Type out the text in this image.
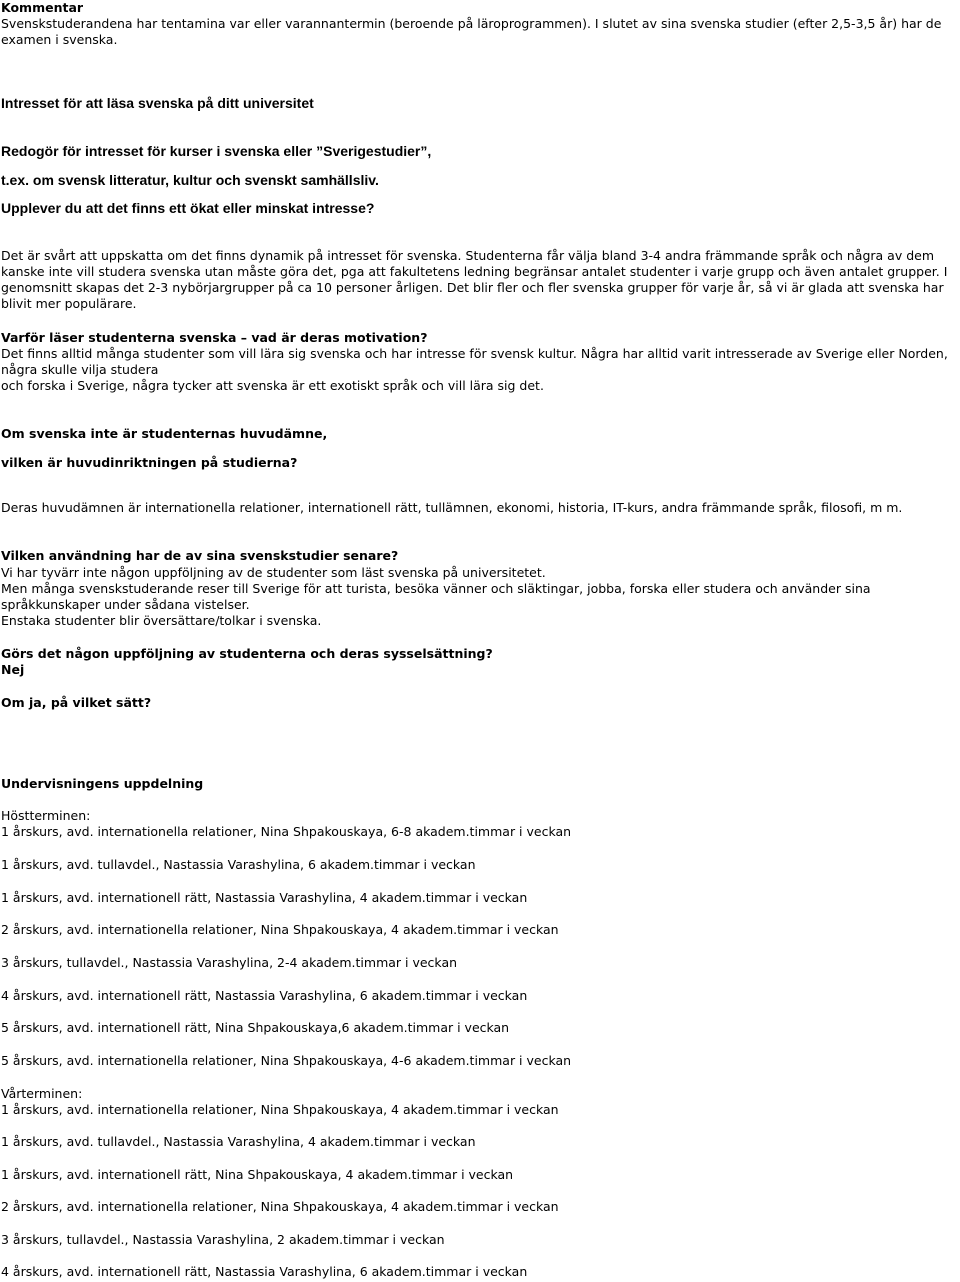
Kommentar
Svenskstuderandena har tentamina var eller varannantermin (beroende på läroprogrammen). I slutet av sina svenska studier (efter 2,5-3,5 år) har de examen i svenska.
Intresset för att läsa svenska på ditt universitet
Redogör för intresset för kurser i svenska eller ”Sverigestudier”,
t.ex. om svensk litteratur, kultur och svenskt samhällsliv.
Upplever du att det finns ett ökat eller minskat intresse?
Det är svårt att uppskatta om det finns dynamik på intresset för svenska. Studenterna får välja bland 3-4 andra främmande språk och några av dem kanske inte vill studera svenska utan måste göra det, pga att fakultetens ledning begränsar antalet studenter i varje grupp och även antalet grupper. I genomsnitt skapas det 2-3 nybörjargrupper på ca 10 personer årligen. Det blir fler och fler svenska grupper för varje år, så vi är glada att svenska har blivit mer populärare.
Varför läser studenterna svenska – vad är deras motivation?
Det finns alltid många studenter som vill lära sig svenska och har intresse för svensk kultur. Några har alltid varit intresserade av Sverige eller Norden, några skulle vilja studera
och forska i Sverige, några tycker att svenska är ett exotiskt språk och vill lära sig det.
Om svenska inte är studenternas huvudämne,
vilken är huvudinriktningen på studierna?
Deras huvudämnen är internationella relationer, internationell rätt, tullämnen, ekonomi, historia, IT-kurs, andra främmande språk, filosofi, m m.
Vilken användning har de av sina svenskstudier senare?
Vi har tyvärr inte någon uppföljning av de studenter som läst svenska på universitetet.
Men många svenskstuderande reser till Sverige för att turista, besöka vänner och släktingar, jobba, forska eller studera och använder sina språkkunskaper under sådana vistelser.
Enstaka studenter blir översättare/tolkar i svenska.
Görs det någon uppföljning av studenterna och deras sysselsättning?
Nej
Om ja, på vilket sätt?
Undervisningens uppdelning
Höstterminen:
1 årskurs, avd. internationella relationer, Nina Shpakouskaya, 6-8 akadem.timmar i veckan
1 årskurs, avd. tullavdel., Nastassia Varashylina, 6 akadem.timmar i veckan
1 årskurs, avd. internationell rätt, Nastassia Varashylina, 4 akadem.timmar i veckan
2 årskurs, avd. internationella relationer, Nina Shpakouskaya, 4 akadem.timmar i veckan
3 årskurs, tullavdel., Nastassia Varashylina, 2-4 akadem.timmar i veckan
4 årskurs, avd. internationell rätt, Nastassia Varashylina, 6 akadem.timmar i veckan
5 årskurs, avd. internationell rätt, Nina Shpakouskaya,6 akadem.timmar i veckan
5 årskurs, avd. internationella relationer, Nina Shpakouskaya, 4-6 akadem.timmar i veckan
Vårterminen:
1 årskurs, avd. internationella relationer, Nina Shpakouskaya, 4 akadem.timmar i veckan
1 årskurs, avd. tullavdel., Nastassia Varashylina, 4 akadem.timmar i veckan
1 årskurs, avd. internationell rätt, Nina Shpakouskaya, 4 akadem.timmar i veckan
2 årskurs, avd. internationella relationer, Nina Shpakouskaya, 4 akadem.timmar i veckan
3 årskurs, tullavdel., Nastassia Varashylina, 2 akadem.timmar i veckan
4 årskurs, avd. internationell rätt, Nastassia Varashylina, 6 akadem.timmar i veckan
